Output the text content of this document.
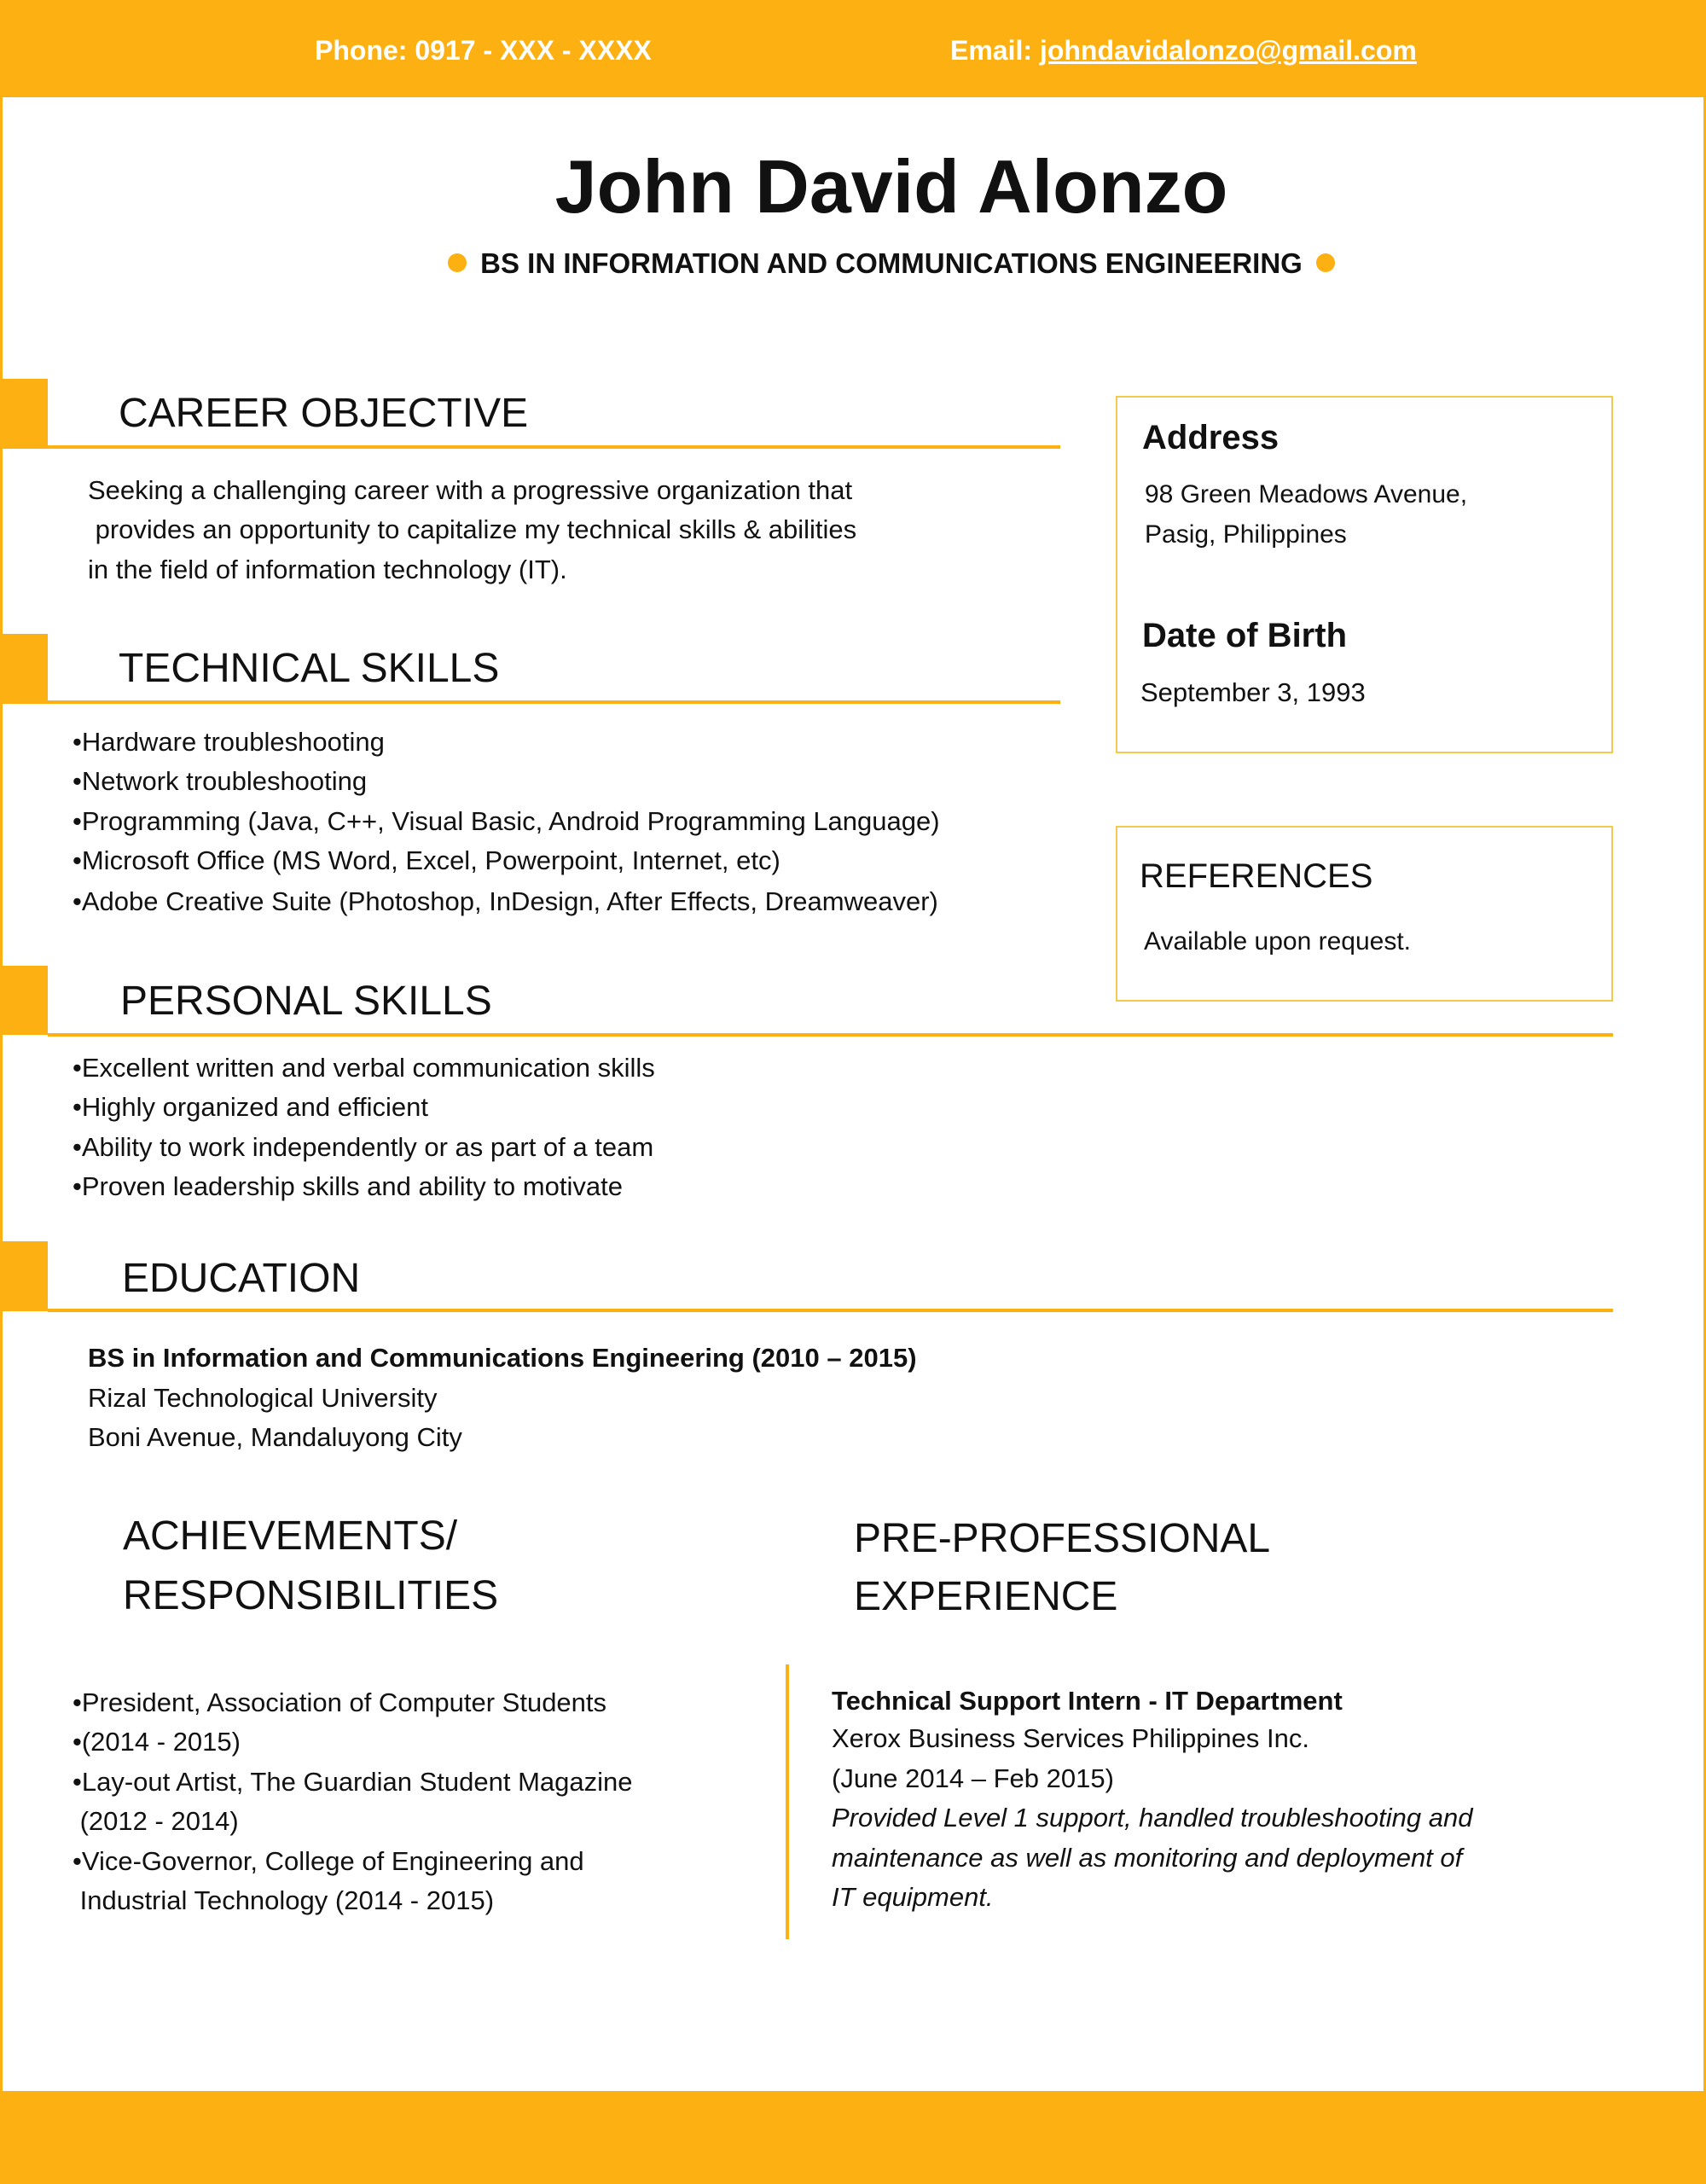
Phone: 0917 - XXX - XXXX	Email: johndavidalonzo@gmail.com
John David Alonzo
BS IN INFORMATION AND COMMUNICATIONS ENGINEERING
CAREER OBJECTIVE
Seeking a challenging career with a progressive organization that
provides an opportunity to capitalize my technical skills & abilities
in the field of information technology (IT).
TECHNICAL SKILLS
•Hardware troubleshooting
•Network troubleshooting
•Programming (Java, C++, Visual Basic, Android Programming Language)
•Microsoft Office (MS Word, Excel, Powerpoint, Internet, etc)
•Adobe Creative Suite (Photoshop, InDesign, After Effects, Dreamweaver)
Address
98 Green Meadows Avenue,
Pasig, Philippines
Date of Birth
September 3, 1993
REFERENCES
Available upon request.
PERSONAL SKILLS
•Excellent written and verbal communication skills
•Highly organized and efficient
•Ability to work independently or as part of a team
•Proven leadership skills and ability to motivate
EDUCATION
BS in Information and Communications Engineering (2010 – 2015)
Rizal Technological University
Boni Avenue, Mandaluyong City
ACHIEVEMENTS/
RESPONSIBILITIES
•President, Association of Computer Students
•(2014 - 2015)
•Lay-out Artist, The Guardian Student Magazine
(2012 - 2014)
•Vice-Governor, College of Engineering and
Industrial Technology (2014 - 2015)
PRE-PROFESSIONAL
EXPERIENCE
Technical Support Intern - IT Department
Xerox Business Services Philippines Inc.
(June 2014 – Feb 2015)
Provided Level 1 support, handled troubleshooting and
maintenance as well as monitoring and deployment of
IT equipment.
